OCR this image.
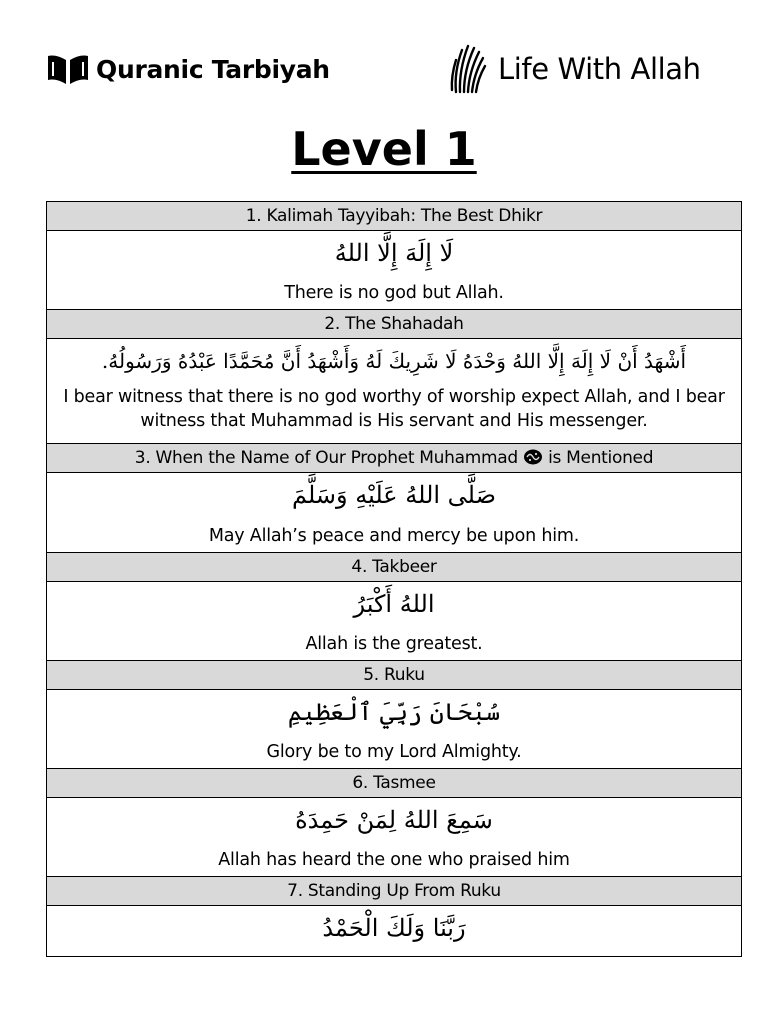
Quranic Tarbiyah	Life With Allah
Level 1
1. Kalimah Tayyibah: The Best Dhikr
لَا إِلَهَ إِلَّا اللهُ
There is no god but Allah.
2. The Shahadah
أَشْهَدُ أَنْ لَا إِلَهَ إِلَّا اللهُ وَحْدَهُ لَا شَرِيكَ لَهُ وَأَشْهَدُ أَنَّ مُحَمَّدًا عَبْدُهُ وَرَسُولُهُ.
I bear witness that there is no god worthy of worship expect Allah, and I bear witness that Muhammad is His servant and His messenger.
3. When the Name of Our Prophet Muhammad is Mentioned
صَلَّى اللهُ عَلَيْهِ وَسَلَّمَ
May Allah’s peace and mercy be upon him.
4. Takbeer
اللهُ أَكْبَرُ
Allah is the greatest.
5. Ruku
سُبْحَانَ رَبِّيَ ٱلْعَظِيمِ
Glory be to my Lord Almighty.
6. Tasmee
سَمِعَ اللهُ لِمَنْ حَمِدَهُ
Allah has heard the one who praised him
7. Standing Up From Ruku
رَبَّنَا وَلَكَ الْحَمْدُ
